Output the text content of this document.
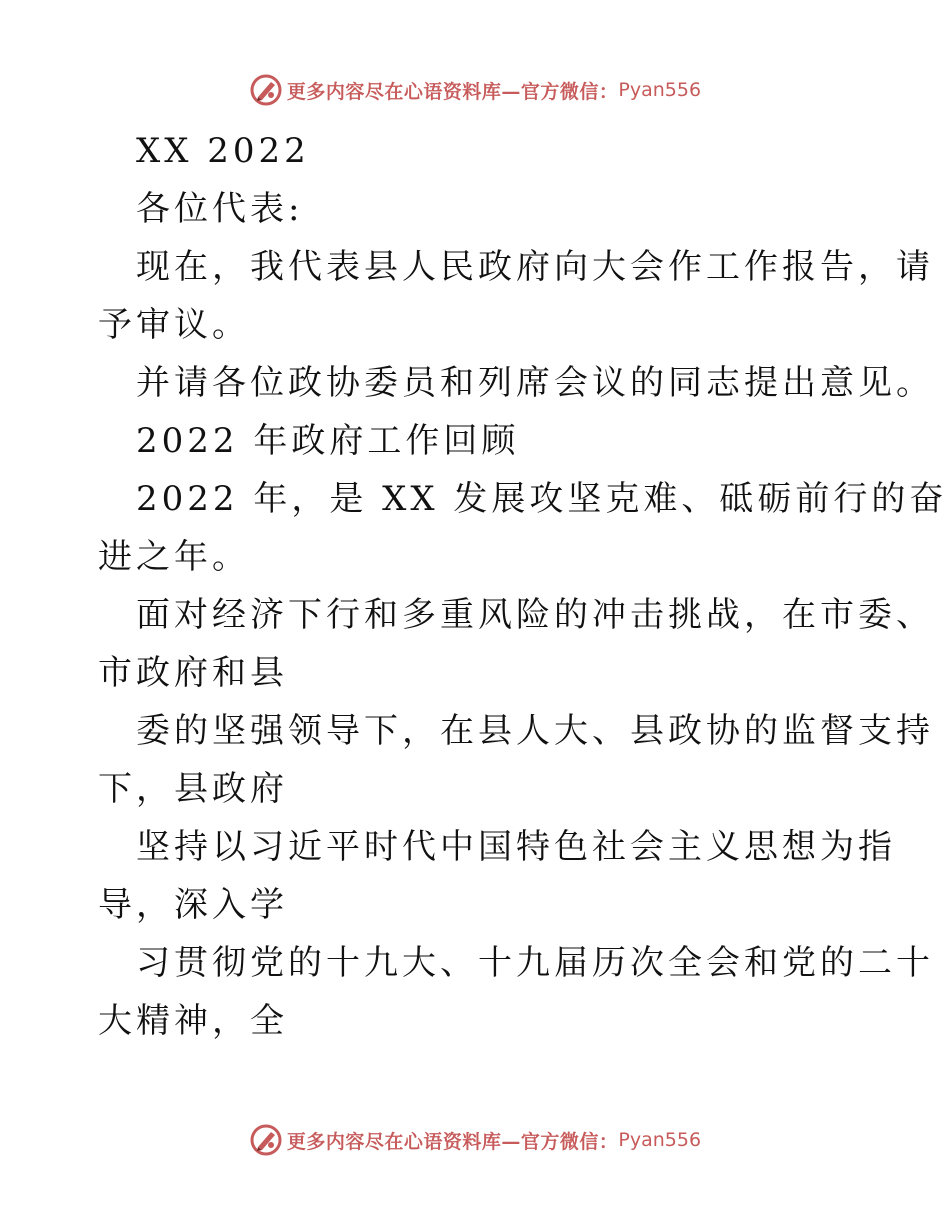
更多内容尽在心语资料库—官方微信： Pyan556
XX 2022
各位代表:
现在，我代表县人民政府向大会作工作报告，请
予审议。
并请各位政协委员和列席会议的同志提出意见。
2022 年政府工作回顾
2022 年，是 XX 发展攻坚克难、砥砺前行的奋
进之年。
面对经济下行和多重风险的冲击挑战，在市委、
市政府和县
委的坚强领导下，在县人大、县政协的监督支持
下，县政府
坚持以习近平时代中国特色社会主义思想为指
导，深入学
习贯彻党的十九大、十九届历次全会和党的二十
大精神，全
更多内容尽在心语资料库—官方微信： Pyan556
